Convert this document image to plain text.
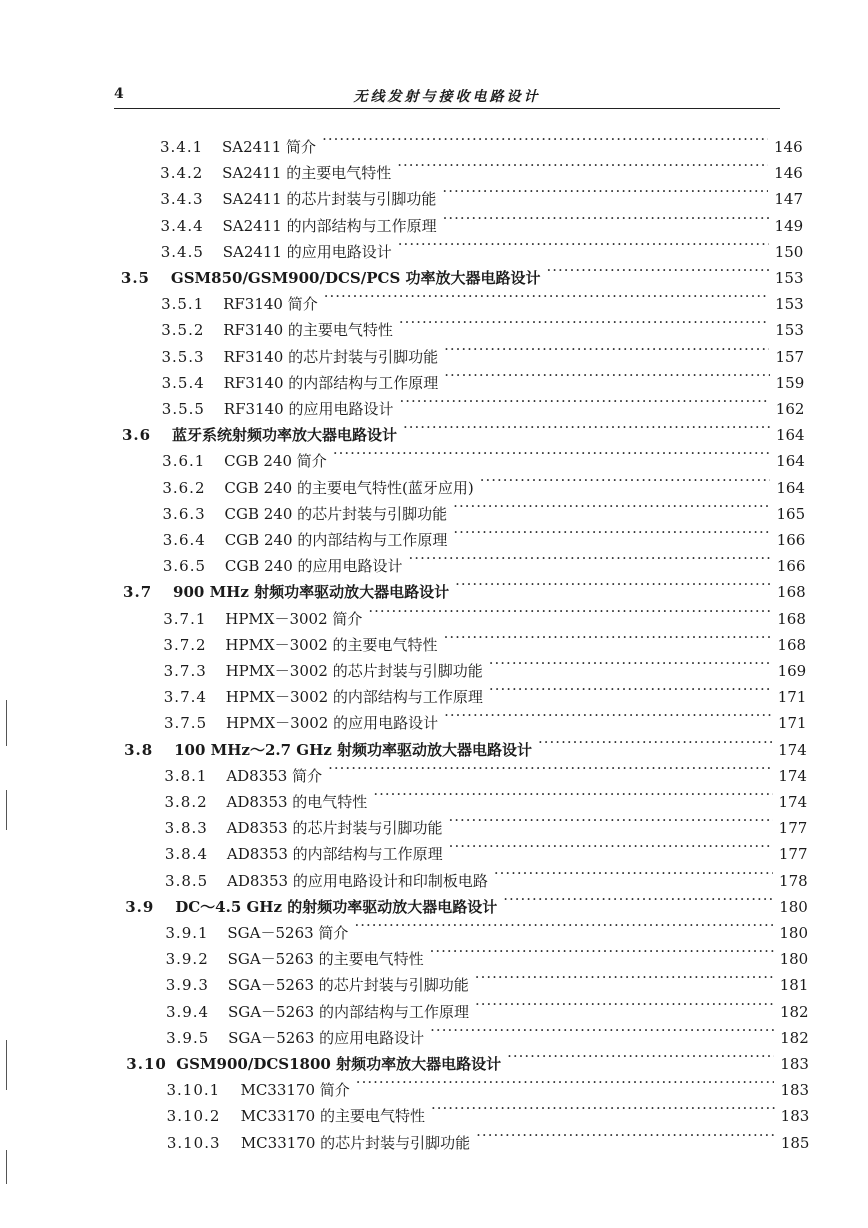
4	无线发射与接收电路设计
3.4.1	SA2411 简介 ·····	146
3.4.2	SA2411 的主要电气特性 ·····	146
3.4.3	SA2411 的芯片封装与引脚功能 ·····	147
3.4.4	SA2411 的内部结构与工作原理 ·····	149
3.4.5	SA2411 的应用电路设计 ·····	150
3.5	GSM850/GSM900/DCS/PCS 功率放大器电路设计 ·····	153
3.5.1	RF3140 简介 ·····	153
3.5.2	RF3140 的主要电气特性 ·····	153
3.5.3	RF3140 的芯片封装与引脚功能 ·····	157
3.5.4	RF3140 的内部结构与工作原理 ·····	159
3.5.5	RF3140 的应用电路设计 ·····	162
3.6	蓝牙系统射频功率放大器电路设计 ·····	164
3.6.1	CGB 240 简介 ·····	164
3.6.2	CGB 240 的主要电气特性(蓝牙应用) ·····	164
3.6.3	CGB 240 的芯片封装与引脚功能 ·····	165
3.6.4	CGB 240 的内部结构与工作原理 ·····	166
3.6.5	CGB 240 的应用电路设计 ·····	166
3.7	900 MHz 射频功率驱动放大器电路设计 ·····	168
3.7.1	HPMX－3002 简介 ·····	168
3.7.2	HPMX－3002 的主要电气特性 ·····	168
3.7.3	HPMX－3002 的芯片封装与引脚功能 ·····	169
3.7.4	HPMX－3002 的内部结构与工作原理 ·····	171
3.7.5	HPMX－3002 的应用电路设计 ·····	171
3.8	100 MHz～2.7 GHz 射频功率驱动放大器电路设计 ·····	174
3.8.1	AD8353 简介 ·····	174
3.8.2	AD8353 的电气特性 ·····	174
3.8.3	AD8353 的芯片封装与引脚功能 ·····	177
3.8.4	AD8353 的内部结构与工作原理 ·····	177
3.8.5	AD8353 的应用电路设计和印制板电路 ·····	178
3.9	DC～4.5 GHz 的射频功率驱动放大器电路设计 ·····	180
3.9.1	SGA－5263 简介 ·····	180
3.9.2	SGA－5263 的主要电气特性 ·····	180
3.9.3	SGA－5263 的芯片封装与引脚功能 ·····	181
3.9.4	SGA－5263 的内部结构与工作原理 ·····	182
3.9.5	SGA－5263 的应用电路设计 ·····	182
3.10 GSM900/DCS1800 射频功率放大器电路设计 ·····	183
3.10.1	MC33170 简介 ·····	183
3.10.2	MC33170 的主要电气特性 ·····	183
3.10.3	MC33170 的芯片封装与引脚功能 ·····	185
